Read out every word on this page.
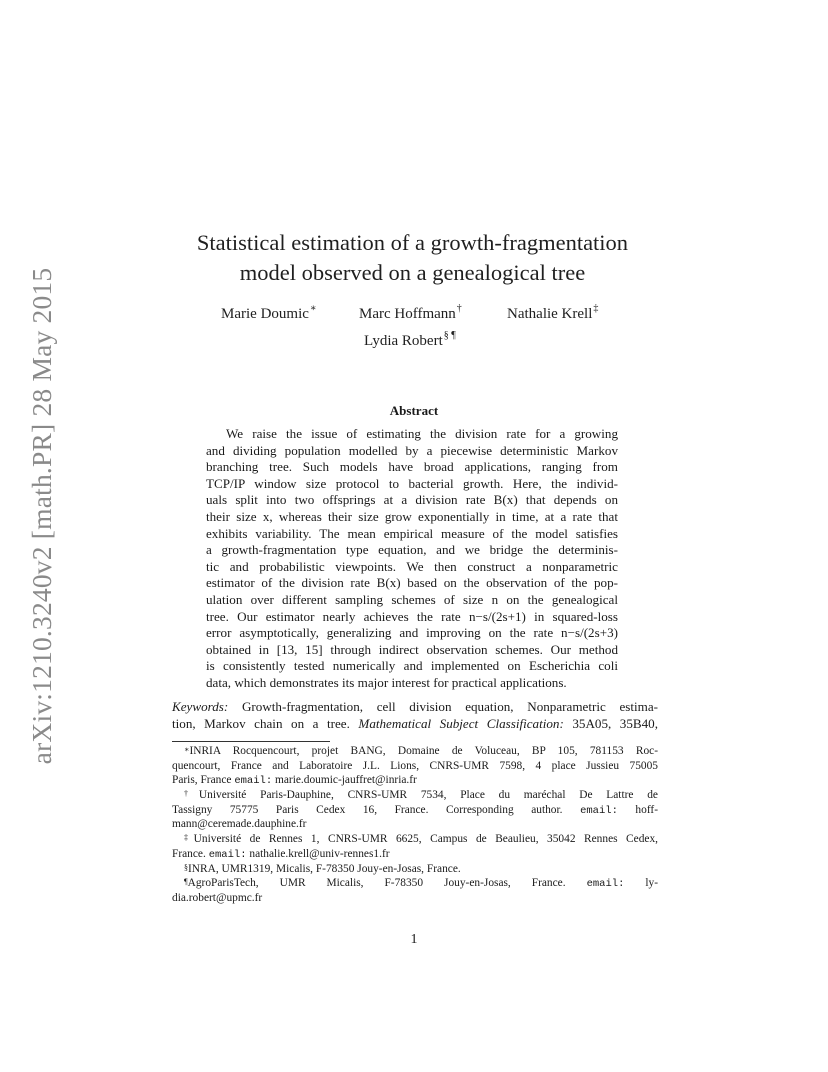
arXiv:1210.3240v2 [math.PR] 28 May 2015
Statistical estimation of a growth-fragmentation
model observed on a genealogical tree
Marie Doumic∗	Marc Hoffmann†	Nathalie Krell‡
Lydia Robert§ ¶
Abstract
We raise the issue of estimating the division rate for a growing
and dividing population modelled by a piecewise deterministic Markov
branching tree. Such models have broad applications, ranging from
TCP/IP window size protocol to bacterial growth. Here, the individ-
uals split into two offsprings at a division rate B(x) that depends on
their size x, whereas their size grow exponentially in time, at a rate that
exhibits variability. The mean empirical measure of the model satisfies
a growth-fragmentation type equation, and we bridge the determinis-
tic and probabilistic viewpoints. We then construct a nonparametric
estimator of the division rate B(x) based on the observation of the pop-
ulation over different sampling schemes of size n on the genealogical
tree. Our estimator nearly achieves the rate n−s/(2s+1) in squared-loss
error asymptotically, generalizing and improving on the rate n−s/(2s+3)
obtained in [13, 15] through indirect observation schemes. Our method
is consistently tested numerically and implemented on Escherichia coli
data, which demonstrates its major interest for practical applications.
Keywords: Growth-fragmentation, cell division equation, Nonparametric estima-
tion, Markov chain on a tree. Mathematical Subject Classification: 35A05, 35B40,
∗INRIA Rocquencourt, projet BANG, Domaine de Voluceau, BP 105, 781153 Roc-
quencourt, France and Laboratoire J.L. Lions, CNRS-UMR 7598, 4 place Jussieu 75005
Paris, France email: marie.doumic-jauffret@inria.fr
†Université Paris-Dauphine, CNRS-UMR 7534, Place du maréchal De Lattre de
Tassigny 75775 Paris Cedex 16, France. Corresponding author. email: hoff-
mann@ceremade.dauphine.fr
‡Université de Rennes 1, CNRS-UMR 6625, Campus de Beaulieu, 35042 Rennes Cedex,
France. email: nathalie.krell@univ-rennes1.fr
§INRA, UMR1319, Micalis, F-78350 Jouy-en-Josas, France.
¶AgroParisTech, UMR Micalis, F-78350 Jouy-en-Josas, France. email: ly-
dia.robert@upmc.fr
1
